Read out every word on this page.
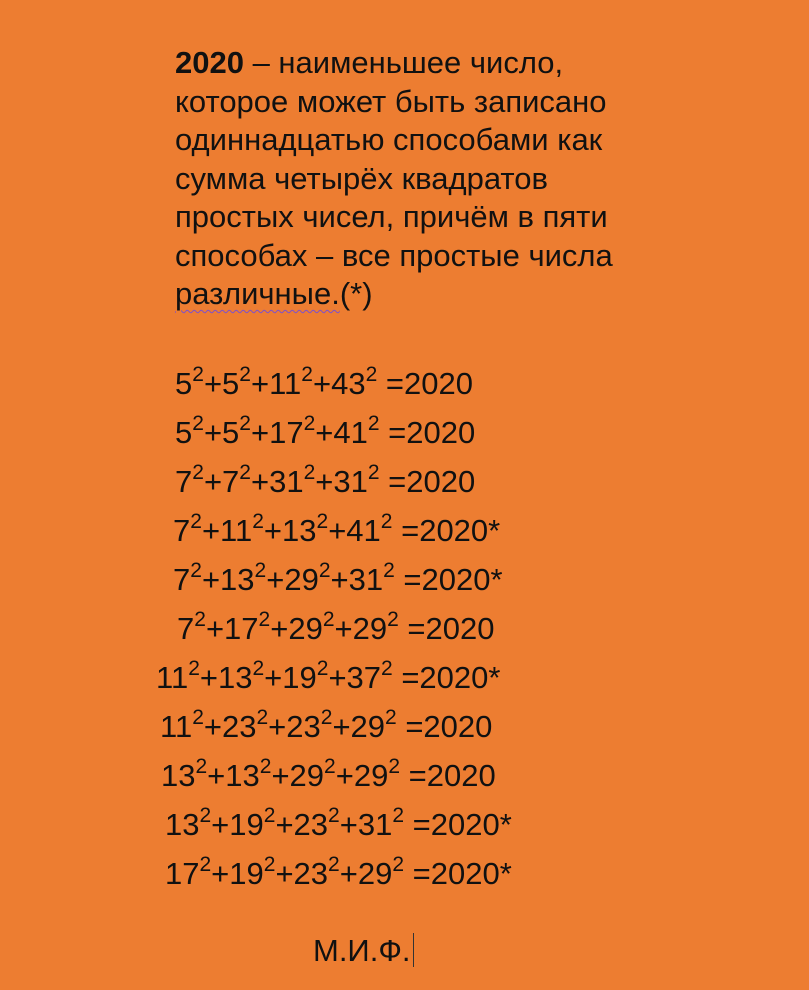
2020 – наименьшее число,
которое может быть записано
одиннадцатью способами как
сумма четырёх квадратов
простых чисел, причём в пяти
способах – все простые числа
различные.(*)
$5^2+5^2+11^2+43^2 =2020$
$5^2+5^2+17^2+41^2 =2020$
$7^2+7^2+31^2+31^2 =2020$
$7^2+11^2+13^2+41^2 =2020*$
$7^2+13^2+29^2+31^2 =2020*$
$7^2+17^2+29^2+29^2 =2020$
$11^2+13^2+19^2+37^2 =2020*$
$11^2+23^2+23^2+29^2 =2020$
$13^2+13^2+29^2+29^2 =2020$
$13^2+19^2+23^2+31^2 =2020*$
$17^2+19^2+23^2+29^2 =2020*$
М.И.Ф.
